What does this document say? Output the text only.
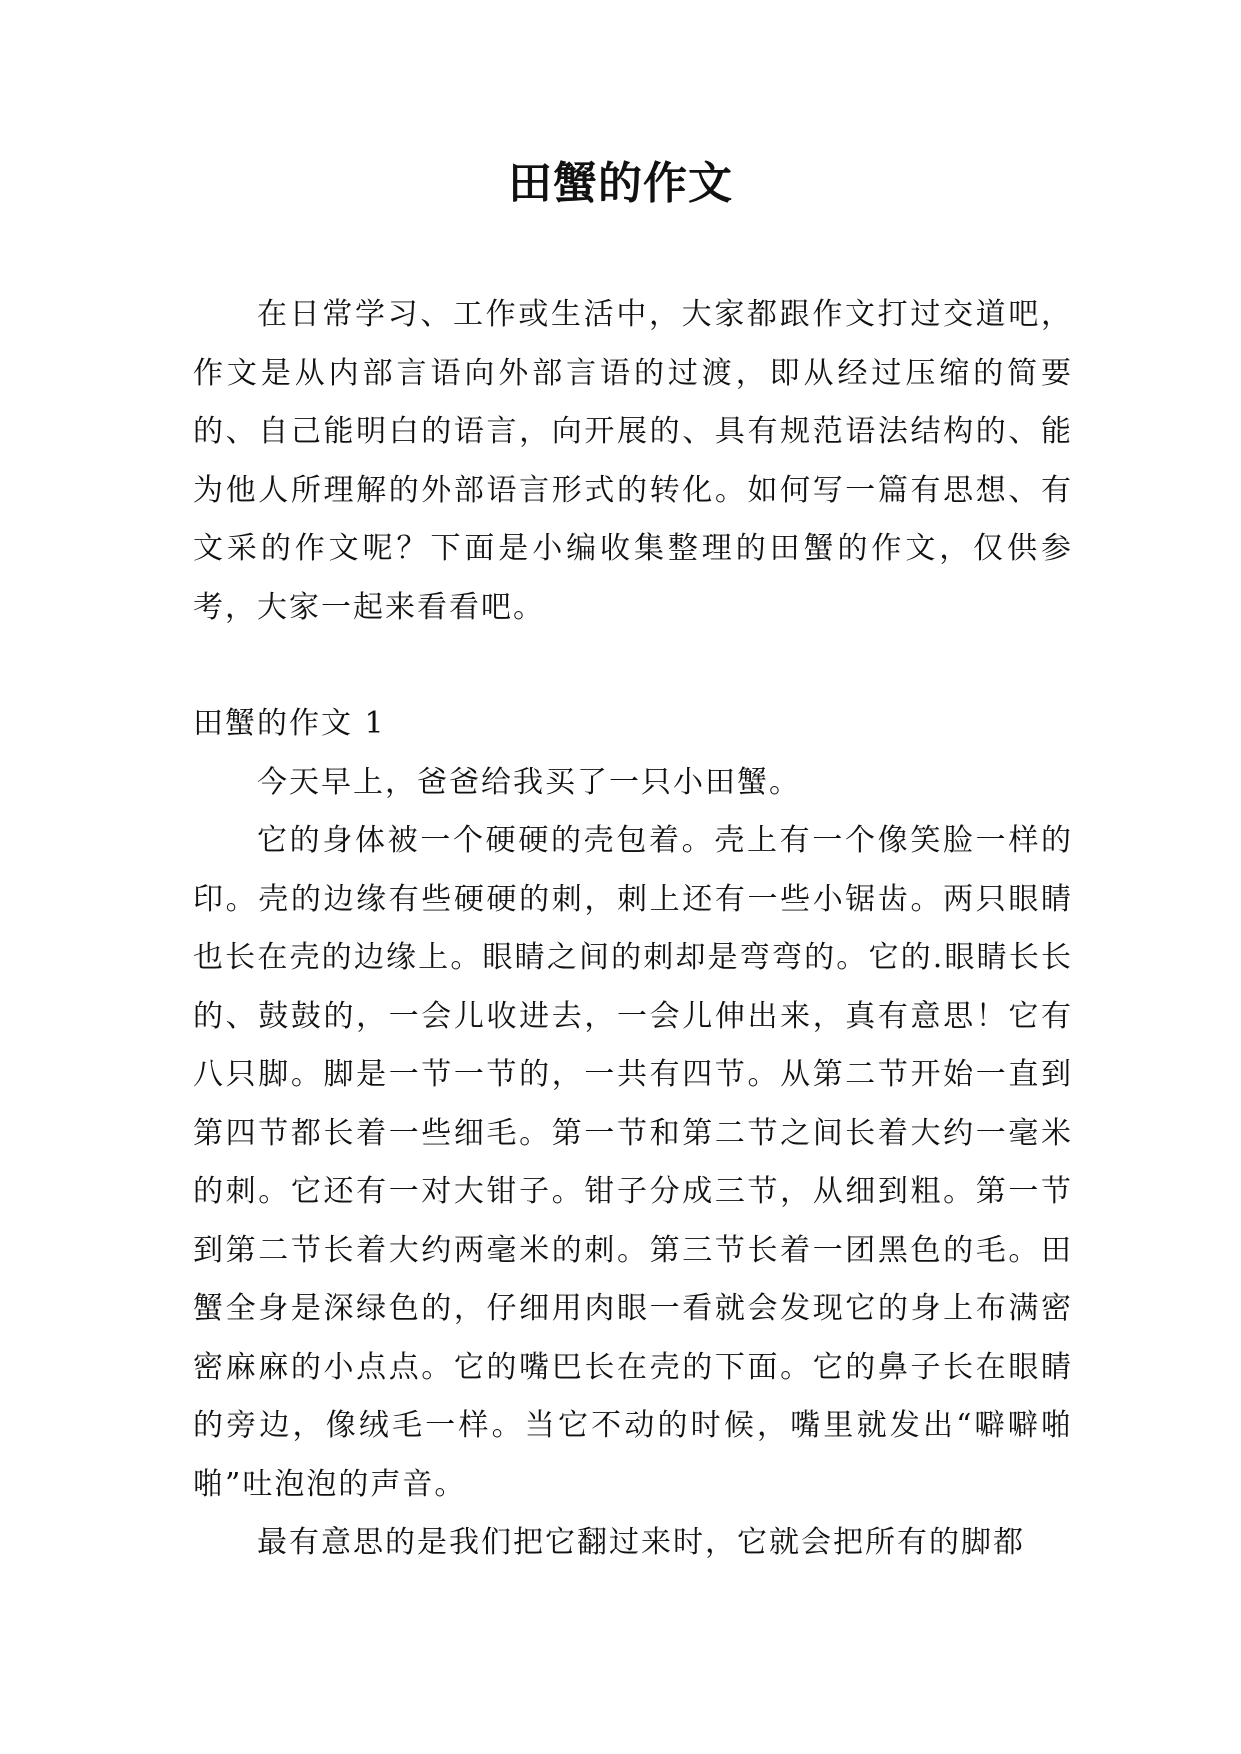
田蟹的作文

在日常学习、工作或生活中，大家都跟作文打过交道吧，作文是从内部言语向外部言语的过渡，即从经过压缩的简要的、自己能明白的语言，向开展的、具有规范语法结构的、能为他人所理解的外部语言形式的转化。如何写一篇有思想、有文采的作文呢？下面是小编收集整理的田蟹的作文，仅供参考，大家一起来看看吧。

田蟹的作文 1

今天早上，爸爸给我买了一只小田蟹。

它的身体被一个硬硬的壳包着。壳上有一个像笑脸一样的印。壳的边缘有些硬硬的刺，刺上还有一些小锯齿。两只眼睛也长在壳的边缘上。眼睛之间的刺却是弯弯的。它的.眼睛长长的、鼓鼓的，一会儿收进去，一会儿伸出来，真有意思！它有八只脚。脚是一节一节的，一共有四节。从第二节开始一直到第四节都长着一些细毛。第一节和第二节之间长着大约一毫米的刺。它还有一对大钳子。钳子分成三节，从细到粗。第一节到第二节长着大约两毫米的刺。第三节长着一团黑色的毛。田蟹全身是深绿色的，仔细用肉眼一看就会发现它的身上布满密密麻麻的小点点。它的嘴巴长在壳的下面。它的鼻子长在眼睛的旁边，像绒毛一样。当它不动的时候，嘴里就发出“噼噼啪啪”吐泡泡的声音。

最有意思的是我们把它翻过来时，它就会把所有的脚都
